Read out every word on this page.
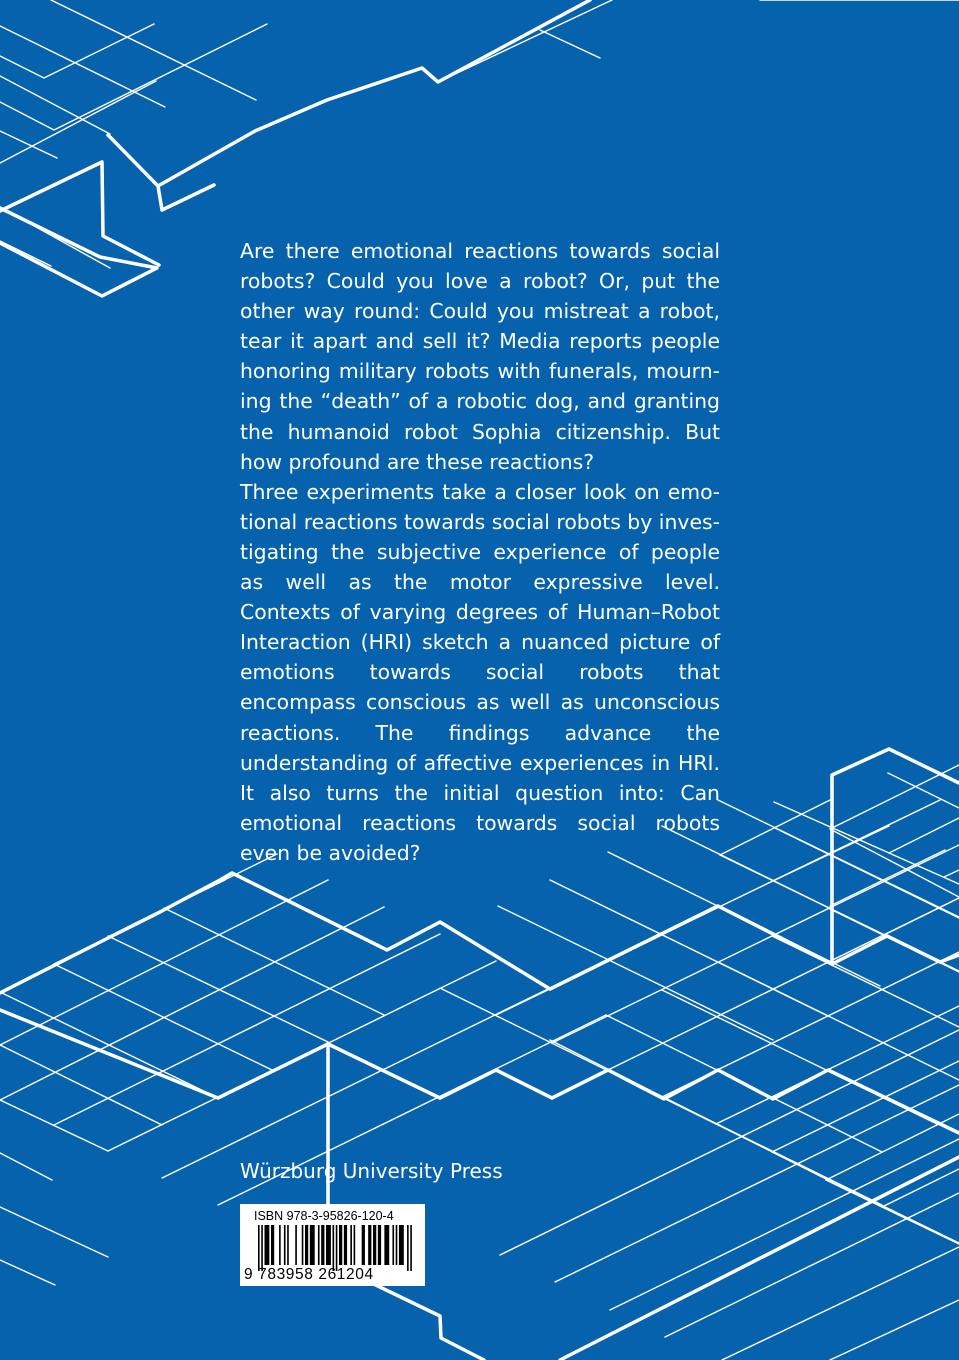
Are there emotional reactions towards social robots? Could you love a robot? Or, put the other way round: Could you mistreat a robot, tear it apart and sell it? Media reports people honoring military robots with funerals, mourning the “death” of a robotic dog, and granting the humanoid robot Sophia citizenship. But how profound are these reactions?

Three experiments take a closer look on emotional reactions towards social robots by investigating the subjective experience of people as well as the motor expressive level. Contexts of varying degrees of Human–Robot Interaction (HRI) sketch a nuanced picture of emotions towards social robots that encompass conscious as well as unconscious reactions. The findings advance the understanding of affective experiences in HRI. It also turns the initial question into: Can emotional reactions towards social robots even be avoided?

Würzburg University Press
ISBN 978-3-95826-120-4
9 783958 261204
